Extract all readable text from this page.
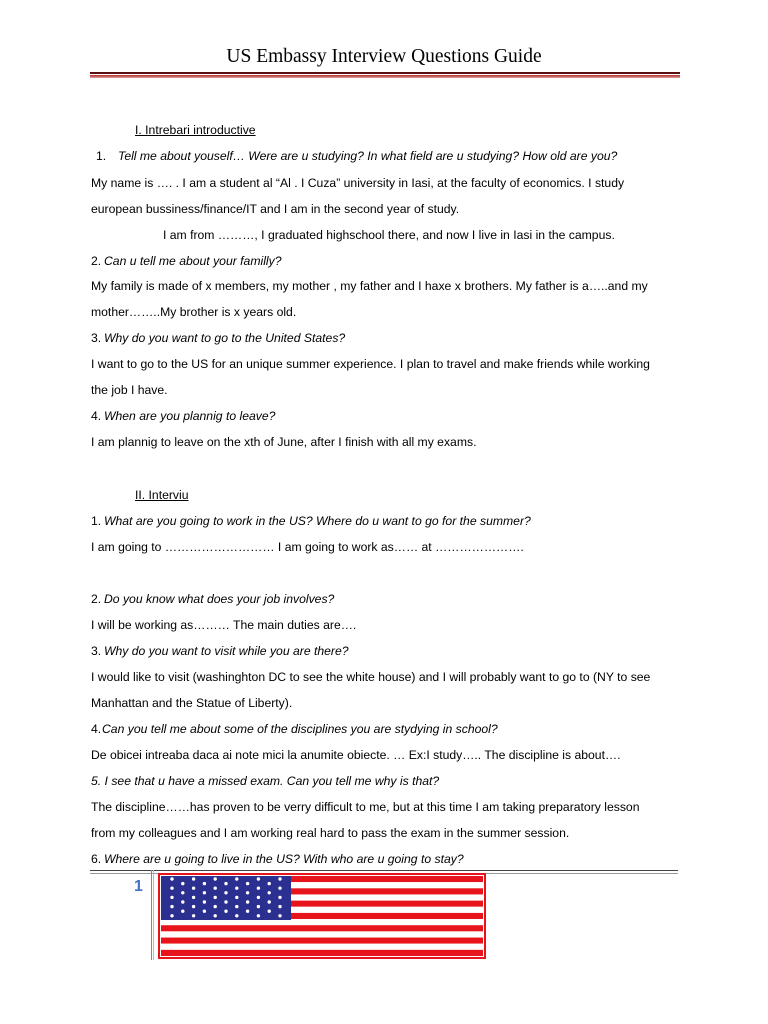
US Embassy Interview Questions Guide
I. Intrebari introductive
1. Tell me about youself… Were are u studying? In what field are u studying? How old are you?
My name is …. . I am a student al “Al . I Cuza” university in Iasi, at the faculty of economics. I study
european bussiness/finance/IT and I am in the second year of study.
I am from ………, I graduated highschool there, and now I live in Iasi in the campus.
2. Can u tell me about your familly?
My family is made of x members, my mother , my father and I haxe x brothers. My father is a…..and my
mother……..My brother is x years old.
3. Why do you want to go to the United States?
I want to go to the US for an unique summer experience. I plan to travel and make friends while working
the job I have.
4. When are you plannig to leave?
I am plannig to leave on the xth of June, after I finish with all my exams.
II. Interviu
1. What are you going to work in the US? Where do u want to go for the summer?
I am going to ……………………… I am going to work as…… at ………………….
2. Do you know what does your job involves?
I will be working as……… The main duties are….
3. Why do you want to visit while you are there?
I would like to visit (washinghton DC to see the white house) and I will probably want to go to (NY to see
Manhattan and the Statue of Liberty).
4. Can you tell me about some of the disciplines you are stydying in school?
De obicei intreaba daca ai note mici la anumite obiecte. … Ex:I study….. The discipline is about….
5. I see that u have a missed exam. Can you tell me why is that?
The discipline……has proven to be verry difficult to me, but at this time I am taking preparatory lesson
from my colleagues and I am working real hard to pass the exam in the summer session.
6. Where are u going to live in the US? With who are u going to stay?
1
